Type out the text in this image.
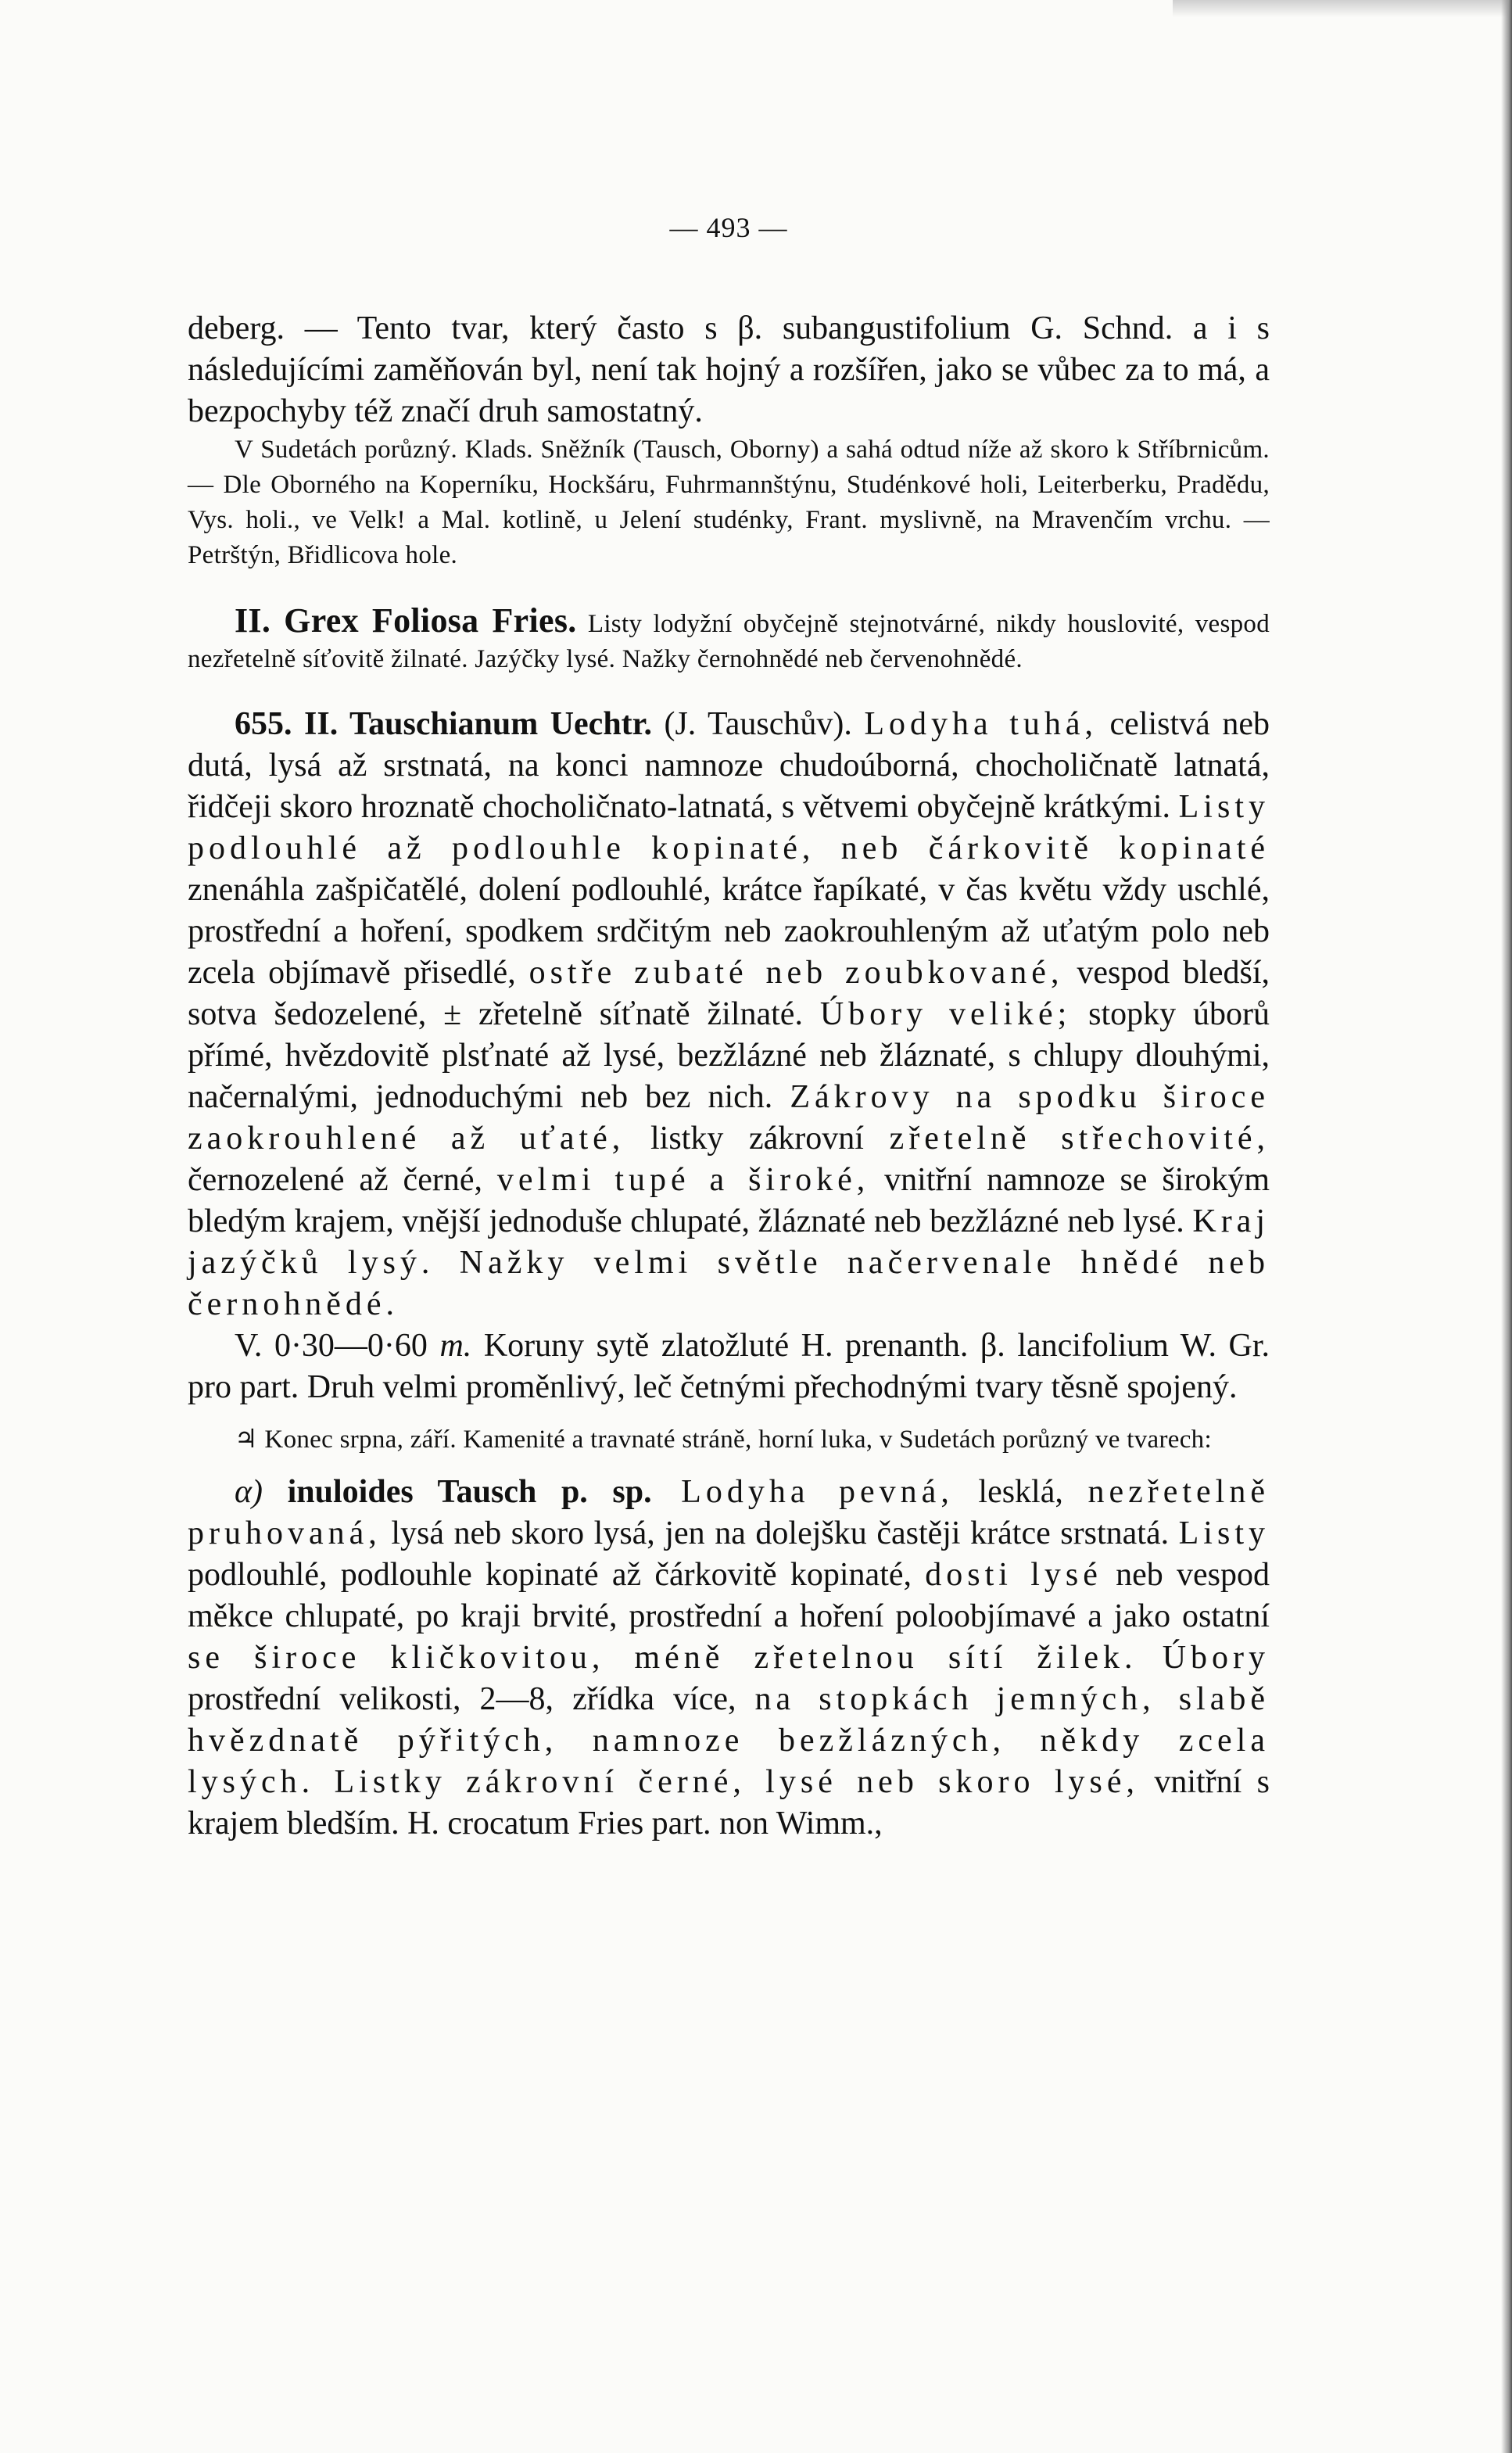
— 493 —

deberg. — Tento tvar, který často s β. subangustifolium G. Schnd. a i s následujícími zaměňován byl, není tak hojný a rozšířen, jako se vůbec za to má, a bezpochyby též značí druh samostatný.

V Sudetách porůzný. Klads. Sněžník (Tausch, Oborny) a sahá odtud níže až skoro k Stříbrnicům. — Dle Oborného na Koperníku, Hockšáru, Fuhrmannštýnu, Studénkové holi, Leiterberku, Pradědu, Vys. holi., ve Velk! a Mal. kotlině, u Jelení studénky, Frant. myslivně, na Mravenčím vrchu. — Petrštýn, Břidlicova hole.

II. Grex Foliosa Fries. Listy lodyžní obyčejně stejnotvárné, nikdy houslovité, vespod nezřetelně síťovitě žilnaté. Jazýčky lysé. Nažky černohnědé neb červenohnědé.

655. II. Tauschianum Uechtr. (J. Tauschův). Lodyha tuhá, celistvá neb dutá, lysá až srstnatá, na konci namnoze chudoúborná, chocholičnatě latnatá, řidčeji skoro hroznatě chocholičnato-latnatá, s větvemi obyčejně krátkými. Listy podlouhlé až podlouhle kopinaté, neb čárkovitě kopinaté znenáhla zašpičatělé, dolení podlouhlé, krátce řapíkaté, v čas květu vždy uschlé, prostřední a hoření, spodkem srdčitým neb zaokrouhleným až uťatým polo neb zcela objímavě přisedlé, ostře zubaté neb zoubkované, vespod bledší, sotva šedozelené, ± zřetelně síťnatě žilnaté. Úbory veliké; stopky úborů přímé, hvězdovitě plsťnaté až lysé, bezžlázné neb žláznaté, s chlupy dlouhými, načernalými, jednoduchými neb bez nich. Zákrovy na spodku široce zaokrouhlené až uťaté, listky zákrovní zřetelně střechovité, černozelené až černé, velmi tupé a široké, vnitřní namnoze se širokým bledým krajem, vnější jednoduše chlupaté, žláznaté neb bezžlázné neb lysé. Kraj jazýčků lysý. Nažky velmi světle načervenale hnědé neb černohnědé.

V. 0·30—0·60 m. Koruny sytě zlatožluté H. prenanth. β. lancifolium W. Gr. pro part. Druh velmi proměnlivý, leč četnými přechodnými tvary těsně spojený.

♃ Konec srpna, září. Kamenité a travnaté stráně, horní luka, v Sudetách porůzný ve tvarech:

α) inuloides Tausch p. sp. Lodyha pevná, lesklá, nezřetelně pruhovaná, lysá neb skoro lysá, jen na dolejšku častěji krátce srstnatá. Listy podlouhlé, podlouhle kopinaté až čárkovitě kopinaté, dosti lysé neb vespod měkce chlupaté, po kraji brvité, prostřední a hoření poloobjímavé a jako ostatní se široce kličkovitou, méně zřetelnou sítí žilek. Úbory prostřední velikosti, 2—8, zřídka více, na stopkách jemných, slabě hvězdnatě pýřitých, namnoze bezžlázných, někdy zcela lysých. Listky zákrovní černé, lysé neb skoro lysé, vnitřní s krajem bledším. H. crocatum Fries part. non Wimm.,
